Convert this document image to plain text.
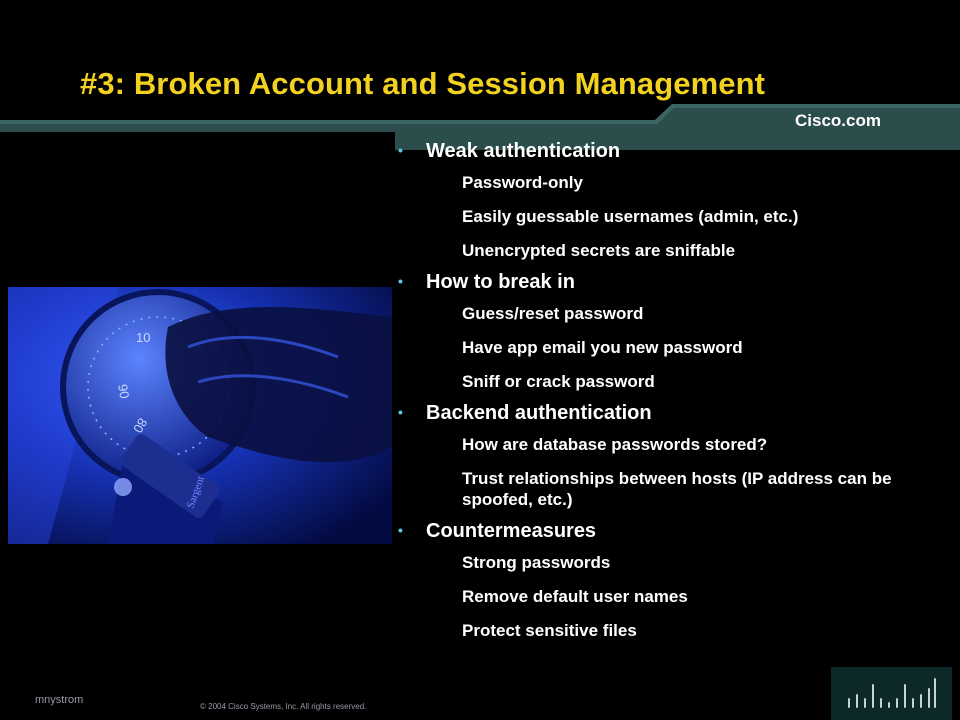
#3: Broken Account and Session Management
Cisco.com
10
90
80
Sargent
•	Weak authentication
Password-only
Easily guessable usernames (admin, etc.)
Unencrypted secrets are sniffable
•	How to break in
Guess/reset password
Have app email you new password
Sniff or crack password
•	Backend authentication
How are database passwords stored?
Trust relationships between hosts (IP address can be spoofed, etc.)
•	Countermeasures
Strong passwords
Remove default user names
Protect sensitive files
mnystrom
© 2004 Cisco Systems, Inc. All rights reserved.
